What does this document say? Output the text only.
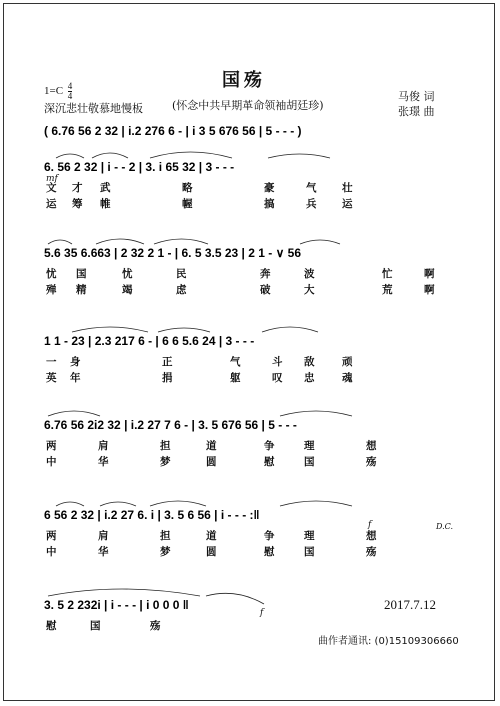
国殇
$1=C \frac{4}{4}$
深沉悲壮敬慕地慢板	(怀念中共早期革命领袖胡廷珍)
马俊 词
张璟 曲
( 6.76 56 2 32 | i.2 276 6 - | i 3 5 676 56 | 5 - - - )
6. 56 2 32 | i - - 2 | 3. i 65 32 | 3 - - -
mf
文 才 武	略	豪	气 壮
运 筹 帷	幄	搞	兵 运
5.6 35 6.663 | 2 32 2 1 - | 6. 5 3.5 23 | 2 1 - ∨ 56
忧 国	忧	民	奔	波	忙	啊
殚 精	竭	虑	破	大	荒	啊
1 1 - 23 | 2.3 217 6 - | 6 6 5.6 24 | 3 - - -
一 身	正	气	斗 敌	顽
英 年	捐	躯	叹 忠	魂
6.76 56 2i2 32 | i.2 27 7 6 - | 3. 5 676 56 | 5 - - -
两	肩	担	道	争	理	想
中	华	梦	圆	慰	国	殇
6 56 2 32 | i.2 27 6. i | 3. 5 6 56 | i - - - :‖
f	D.C.
两	肩	担	道	争	理	想
中	华	梦	圆	慰	国	殇
3. 5 2 232i | i - - - | i 0 0 0 ‖
f
慰	国	殇
2017.7.12
曲作者通讯: (0)15109306660
